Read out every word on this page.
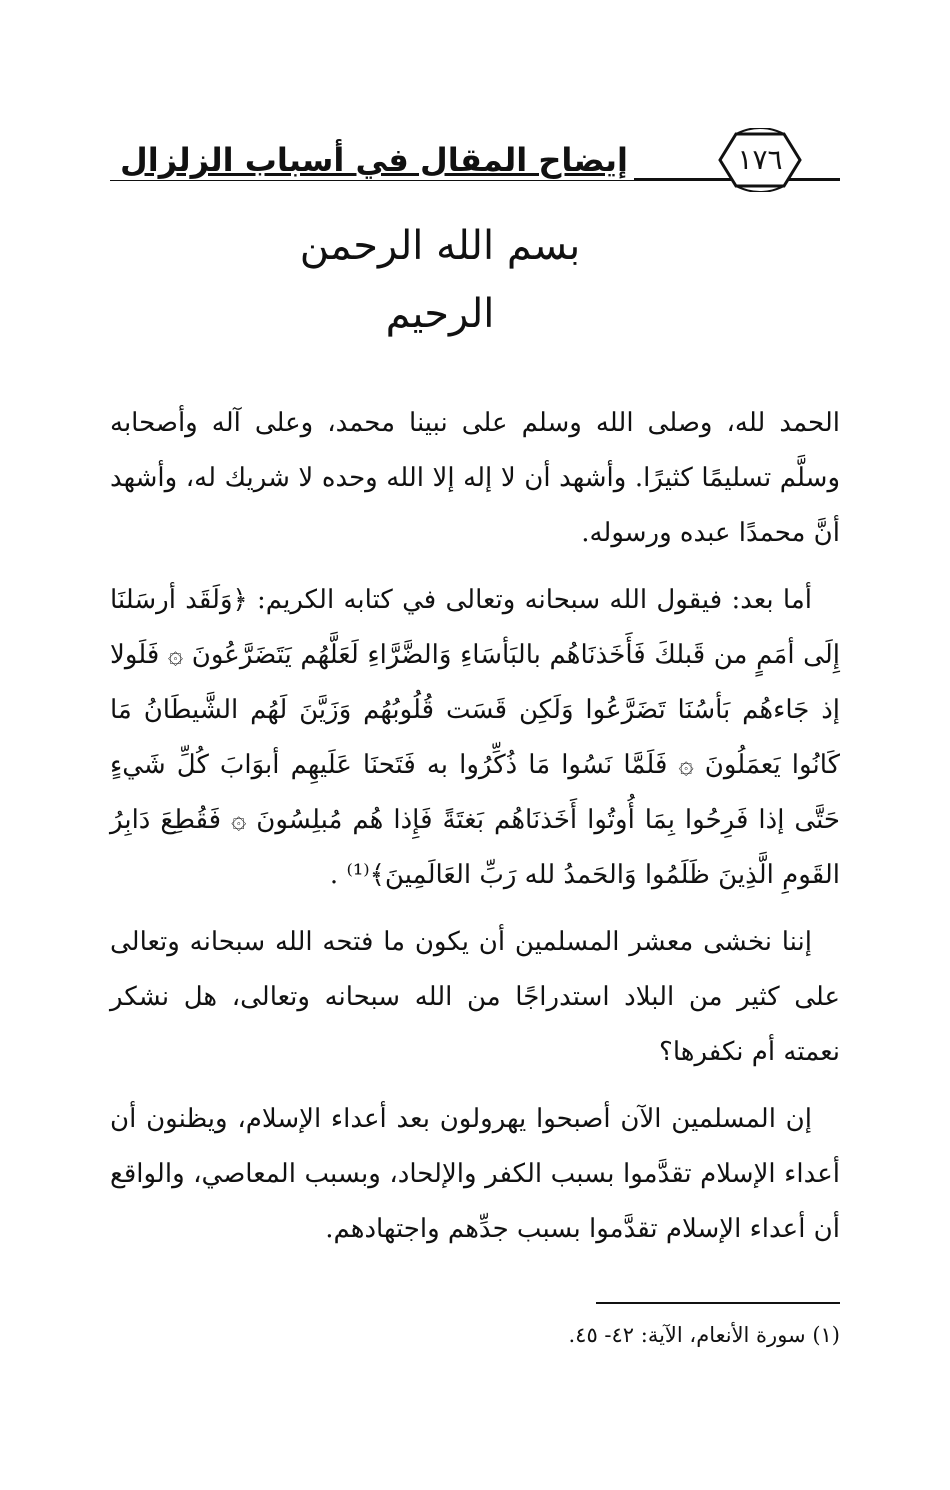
إيضاح المقال في أسباب الزلزال	١٧٦
بسم الله الرحمن الرحيم

الحمد لله، وصلى الله وسلم على نبينا محمد، وعلى آله وأصحابه وسلَّم تسليمًا كثيرًا. وأشهد أن لا إله إلا الله وحده لا شريك له، وأشهد أنَّ محمدًا عبده ورسوله.

أما بعد: فيقول الله سبحانه وتعالى في كتابه الكريم: ﴿وَلَقَد أرسَلنَا إِلَى أمَمٍ من قَبلكَ فَأَخَذنَاهُم بالبَأسَاءِ وَالضَّرَّاءِ لَعَلَّهُم يَتَضَرَّعُونَ ۞ فَلَولا إذ جَاءهُم بَأسُنَا تَضَرَّعُوا وَلَكِن قَسَت قُلُوبُهُم وَزَيَّنَ لَهُم الشَّيطَانُ مَا كَانُوا يَعمَلُونَ ۞ فَلَمَّا نَسُوا مَا ذُكِّرُوا به فَتَحنَا عَلَيهِم أبوَابَ كُلِّ شَيءٍ حَتَّى إذا فَرِحُوا بِمَا أُوتُوا أَخَذنَاهُم بَغتَةً فَإِذا هُم مُبلِسُونَ ۞ فَقُطِعَ دَابِرُ القَومِ الَّذِينَ ظَلَمُوا وَالحَمدُ لله رَبِّ العَالَمِينَ﴾⁽¹⁾ .

إننا نخشى معشر المسلمين أن يكون ما فتحه الله سبحانه وتعالى على كثير من البلاد استدراجًا من الله سبحانه وتعالى، هل نشكر نعمته أم نكفرها؟

إن المسلمين الآن أصبحوا يهرولون بعد أعداء الإسلام، ويظنون أن أعداء الإسلام تقدَّموا بسبب الكفر والإلحاد، وبسبب المعاصي، والواقع أن أعداء الإسلام تقدَّموا بسبب جدِّهم واجتهادهم.

(١) سورة الأنعام، الآية: ٤٢- ٤٥.
